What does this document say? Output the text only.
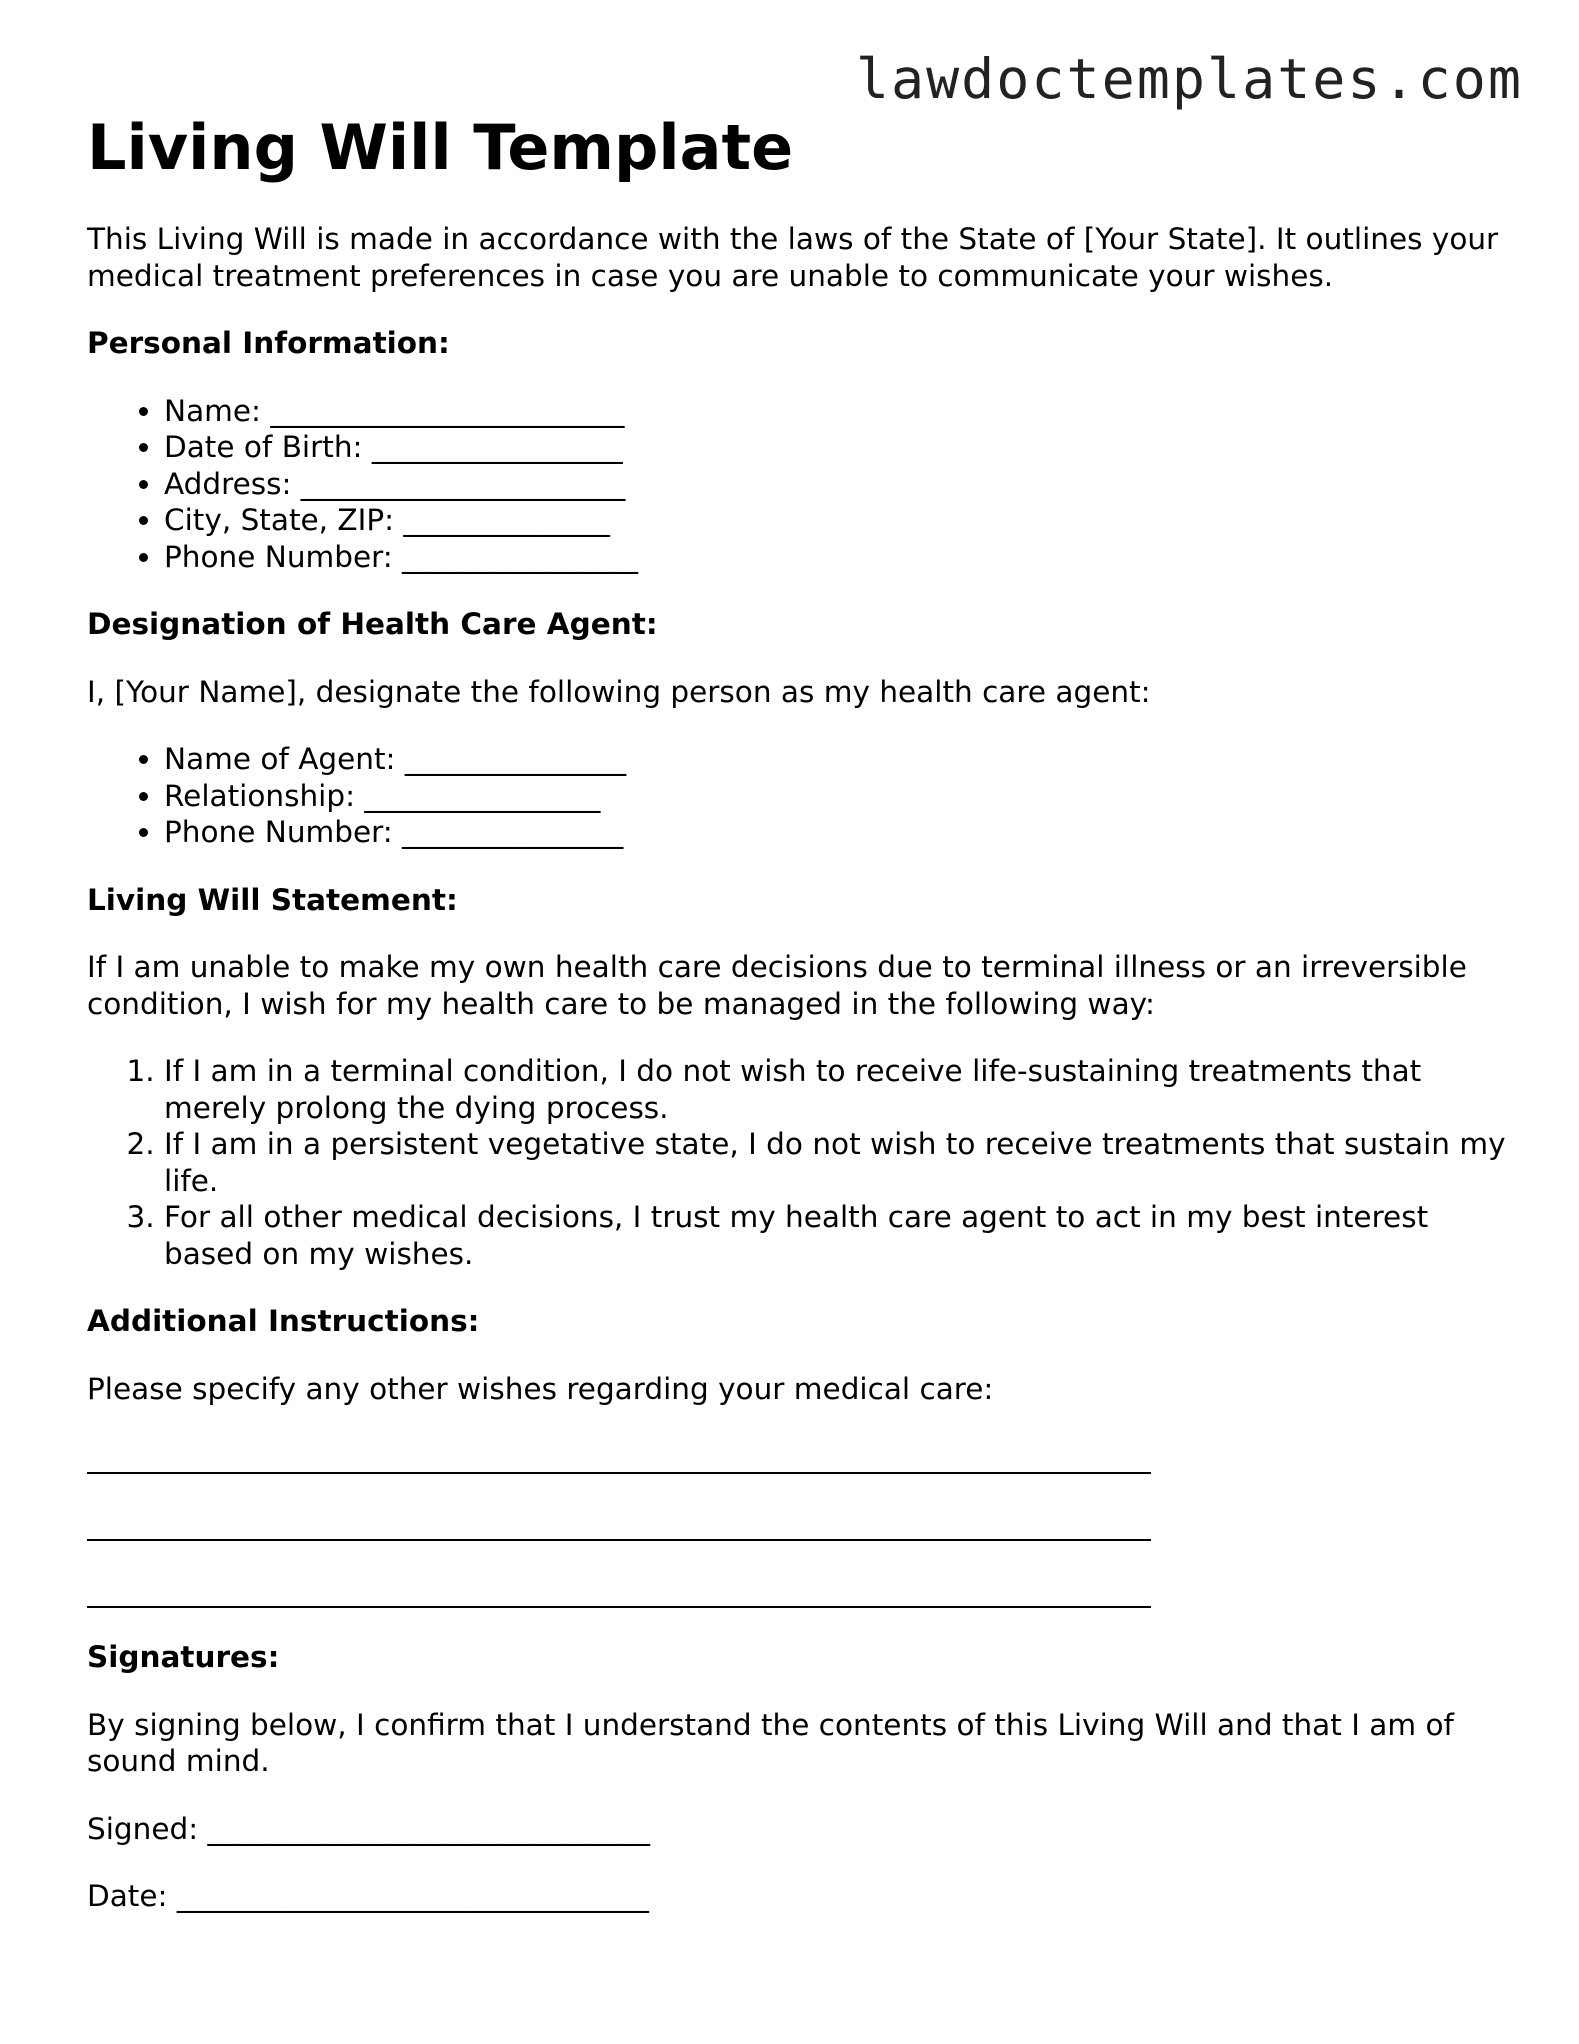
lawdoctemplates.com
Living Will Template

This Living Will is made in accordance with the laws of the State of [Your State]. It outlines your medical treatment preferences in case you are unable to communicate your wishes.

Personal Information:

• Name: ________________________
• Date of Birth: _________________
• Address: ______________________
• City, State, ZIP: ______________
• Phone Number: ________________

Designation of Health Care Agent:

I, [Your Name], designate the following person as my health care agent:

• Name of Agent: _______________
• Relationship: ________________
• Phone Number: _______________

Living Will Statement:

If I am unable to make my own health care decisions due to terminal illness or an irreversible condition, I wish for my health care to be managed in the following way:

1. If I am in a terminal condition, I do not wish to receive life-sustaining treatments that merely prolong the dying process.
2. If I am in a persistent vegetative state, I do not wish to receive treatments that sustain my life.
3. For all other medical decisions, I trust my health care agent to act in my best interest based on my wishes.

Additional Instructions:

Please specify any other wishes regarding your medical care:

Signatures:

By signing below, I confirm that I understand the contents of this Living Will and that I am of sound mind.

Signed: ______________________________

Date: ________________________________
